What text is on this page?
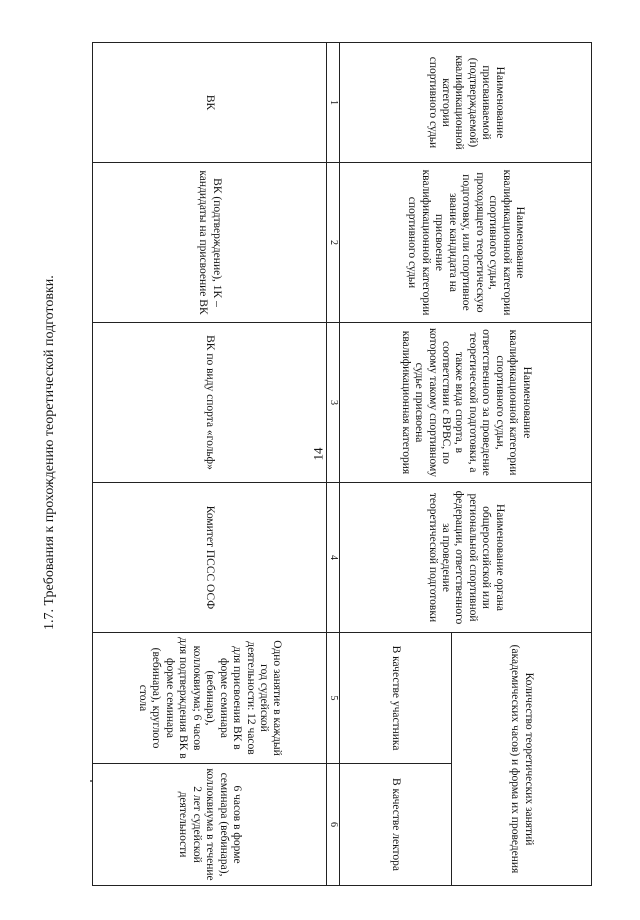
14
1.7. Требования к прохождению теоретической подготовки.
Наименование присваиваемой (подтверждаемой) квалификационной категории спортивного судьи	Наименование квалификационной категории спортивного судьи, проходящего теоретическую подготовку, или спортивное звание кандидата на присвоение квалификационной категории спортивного судьи	Наименование квалификационной категории спортивного судьи, ответственного за проведение теоретической подготовки, а также вида спорта, в соответствии с ВРВС, по которому такому спортивному судье присвоена квалификационная категория	Наименование органа общероссийской или региональной спортивной федерации, ответственного за проведение теоретической подготовки	Количество теоретических занятий (академических часов) и форма их проведения	
				В качестве участника	В качестве лектора
1	2	3	4	5	6
ВК	ВК (подтверждение), 1К – кандидаты на присвоение ВК	ВК по виду спорта «гольф»	Комитет ПССС ОСФ	Одно занятие в каждый год судейской деятельности: 12 часов для присвоения ВК в форме семинара (вебинара), коллоквиума; 6 часов для подтверждения ВК в форме семинара (вебинара), круглого стола	6 часов в форме семинара (вебинара), коллоквиума в течение 2 лет судейской деятельности
